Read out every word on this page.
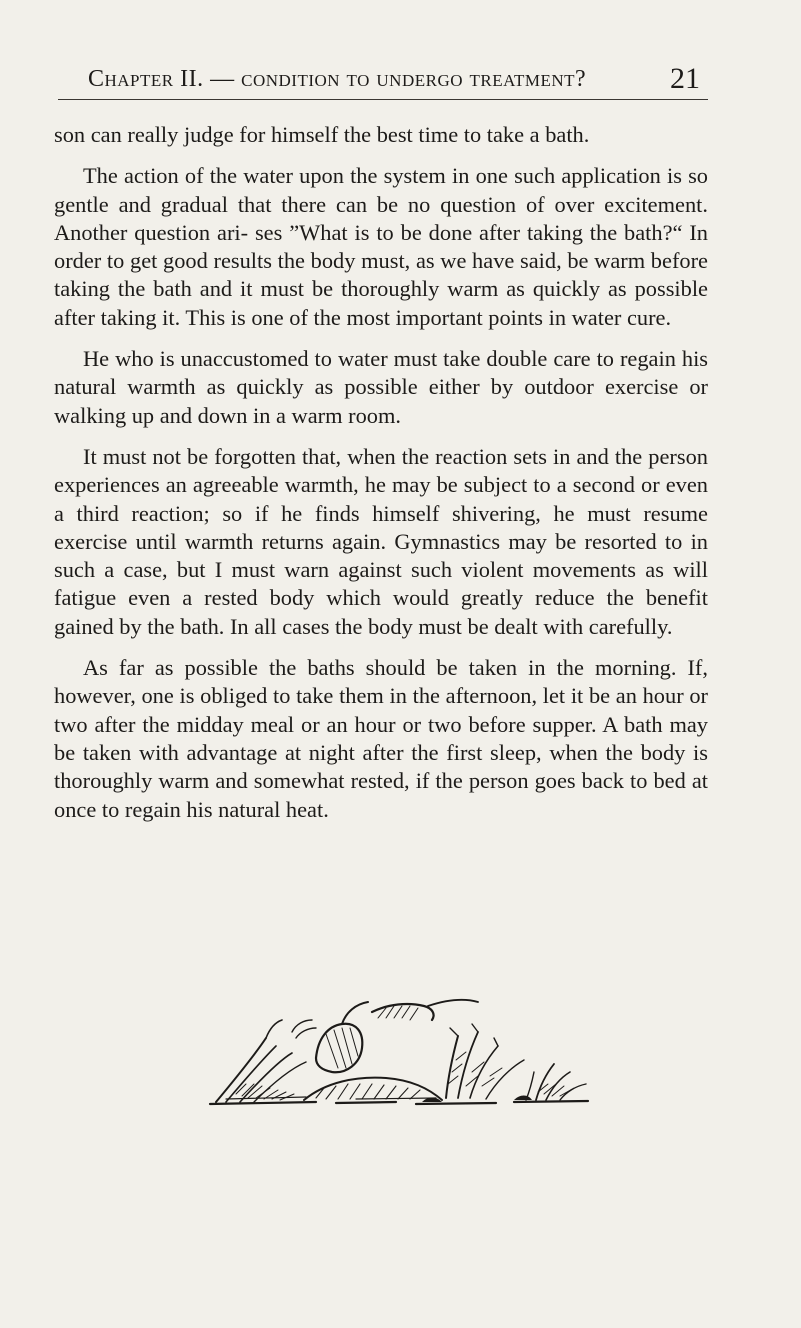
Chapter II. — condition to undergo treatment?	21

son can really judge for himself the best time to take a bath.

The action of the water upon the system in one such application is so gentle and gradual that there can be no question of over excitement. Another question ari- ses ”What is to be done after taking the bath?“ In order to get good results the body must, as we have said, be warm before taking the bath and it must be thoroughly warm as quickly as possible after taking it. This is one of the most important points in water cure.

He who is unaccustomed to water must take double care to regain his natural warmth as quickly as possible either by outdoor exercise or walking up and down in a warm room.

It must not be forgotten that, when the reaction sets in and the person experiences an agreeable warmth, he may be subject to a second or even a third reaction; so if he finds himself shivering, he must resume exercise until warmth returns again. Gymnastics may be resorted to in such a case, but I must warn against such violent movements as will fatigue even a rested body which would greatly reduce the benefit gained by the bath. In all cases the body must be dealt with carefully.

As far as possible the baths should be taken in the morning. If, however, one is obliged to take them in the afternoon, let it be an hour or two after the midday meal or an hour or two before supper. A bath may be taken with advantage at night after the first sleep, when the body is thoroughly warm and somewhat rested, if the person goes back to bed at once to regain his natural heat.
